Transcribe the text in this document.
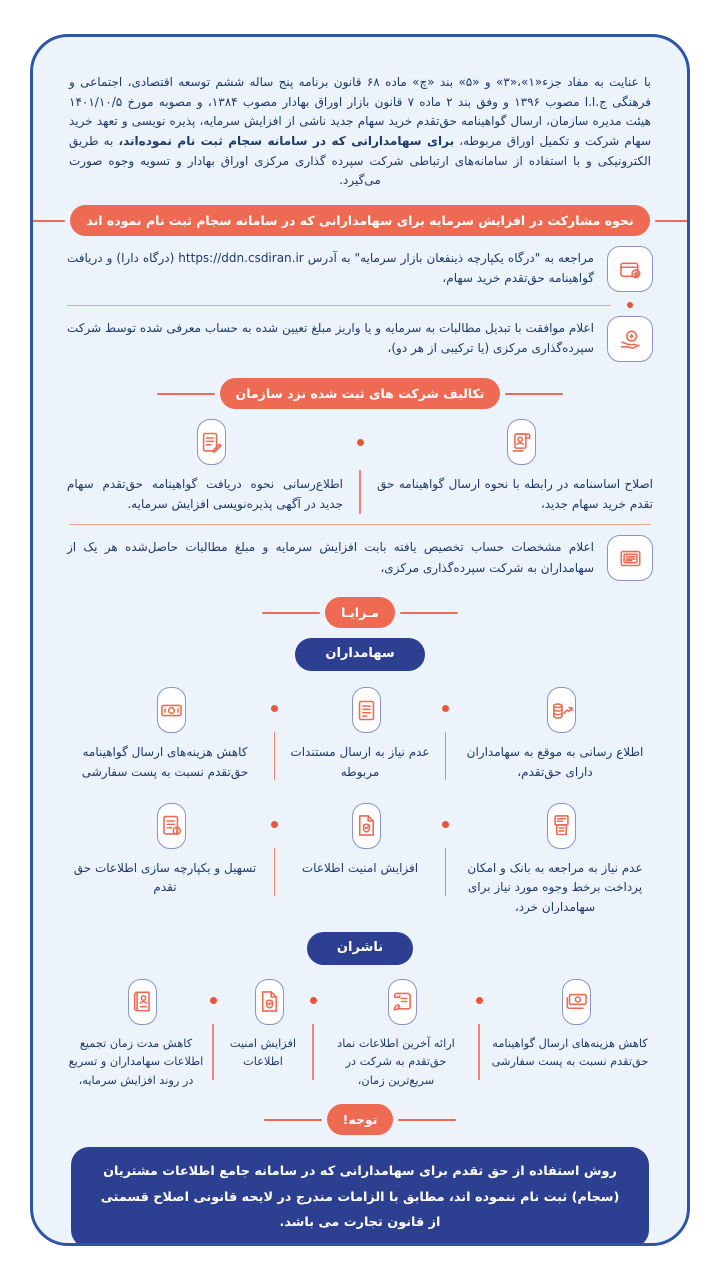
با عنایت به مفاد جزء«۱»،«۳» و «۵» بند «چ» ماده ۶۸ قانون برنامه پنج ساله ششم توسعه اقتصادی، اجتماعی و فرهنگی ج.ا.ا مصوب ۱۳۹۶ و وفق بند ۲ ماده ۷ قانون بازار اوراق بهادار مصوب ۱۳۸۴، و مصوبه مورخ ۱۴۰۱/۱۰/۵ هیئت مدیره سازمان، ارسال گواهینامه حق‌تقدم خرید سهام جدید ناشی از افزایش سرمایه، پذیره نویسی و تعهد خرید سهام شرکت و تکمیل اوراق مربوطه، برای سهامدارانی که در سامانه سجام ثبت نام نموده‌اند، به طریق الکترونیکی و با استفاده از سامانه‌های ارتباطی شرکت سپرده گذاری مرکزی اوراق بهادار و تسویه وجوه صورت می‌گیرد.

نحوه مشارکت در افزایش سرمایه برای سهامدارانی که در سامانه سجام ثبت نام نموده اند

مراجعه به "درگاه یکپارچه ذینفعان بازار سرمایه" به آدرس https://ddn.csdiran.ir (درگاه دارا) و دریافت گواهینامه حق‌تقدم خرید سهام،

اعلام موافقت با تبدیل مطالبات به سرمایه و یا واریز مبلغ تعیین شده به حساب معرفی شده توسط شرکت سپرده‌گذاری مرکزی (یا ترکیبی از هر دو)،

تکالیف شرکت های ثبت شده نزد سازمان

اصلاح اساسنامه در رابطه با نحوه ارسال گواهینامه حق تقدم خرید سهام جدید،

اطلاع‌رسانی نحوه دریافت گواهینامه حق‌تقدم سهام جدید در آگهی پذیره‌نویسی افزایش سرمایه.

اعلام مشخصات حساب تخصیص یافته بابت افزایش سرمایه و مبلغ مطالبات حاصل‌شده هر یک از سهامداران به شرکت سپرده‌گذاری مرکزی،

مـزایـا
سهامداران

اطلاع رسانی به موقع به سهامداران دارای حق‌تقدم،

عدم نیاز به ارسال مستندات مربوطه

کاهش هزینه‌های ارسال گواهینامه حق‌تقدم نسبت به پست سفارشی

عدم نیاز به مراجعه به بانک و امکان پرداخت برخط وجوه مورد نیاز برای سهامداران خرد،

افزایش امنیت اطلاعات

تسهیل و یکپارچه سازی اطلاعات حق تقدم

ناشران

کاهش هزینه‌های ارسال گواهینامه حق‌تقدم نسبت به پست سفارشی

ارائه آخرین اطلاعات نماد حق‌تقدم به شرکت در سریع‌ترین زمان،

افزایش امنیت اطلاعات

کاهش مدت زمان تجمیع اطلاعات سهامداران و تسریع در روند افزایش سرمایه،

توجه!
روش استفاده از حق تقدم برای سهامدارانی که در سامانه جامع اطلاعات مشتریان (سجام) ثبت نام ننموده اند، مطابق با الزامات مندرج در لایحه قانونی اصلاح قسمتی از قانون تجارت می باشد.
